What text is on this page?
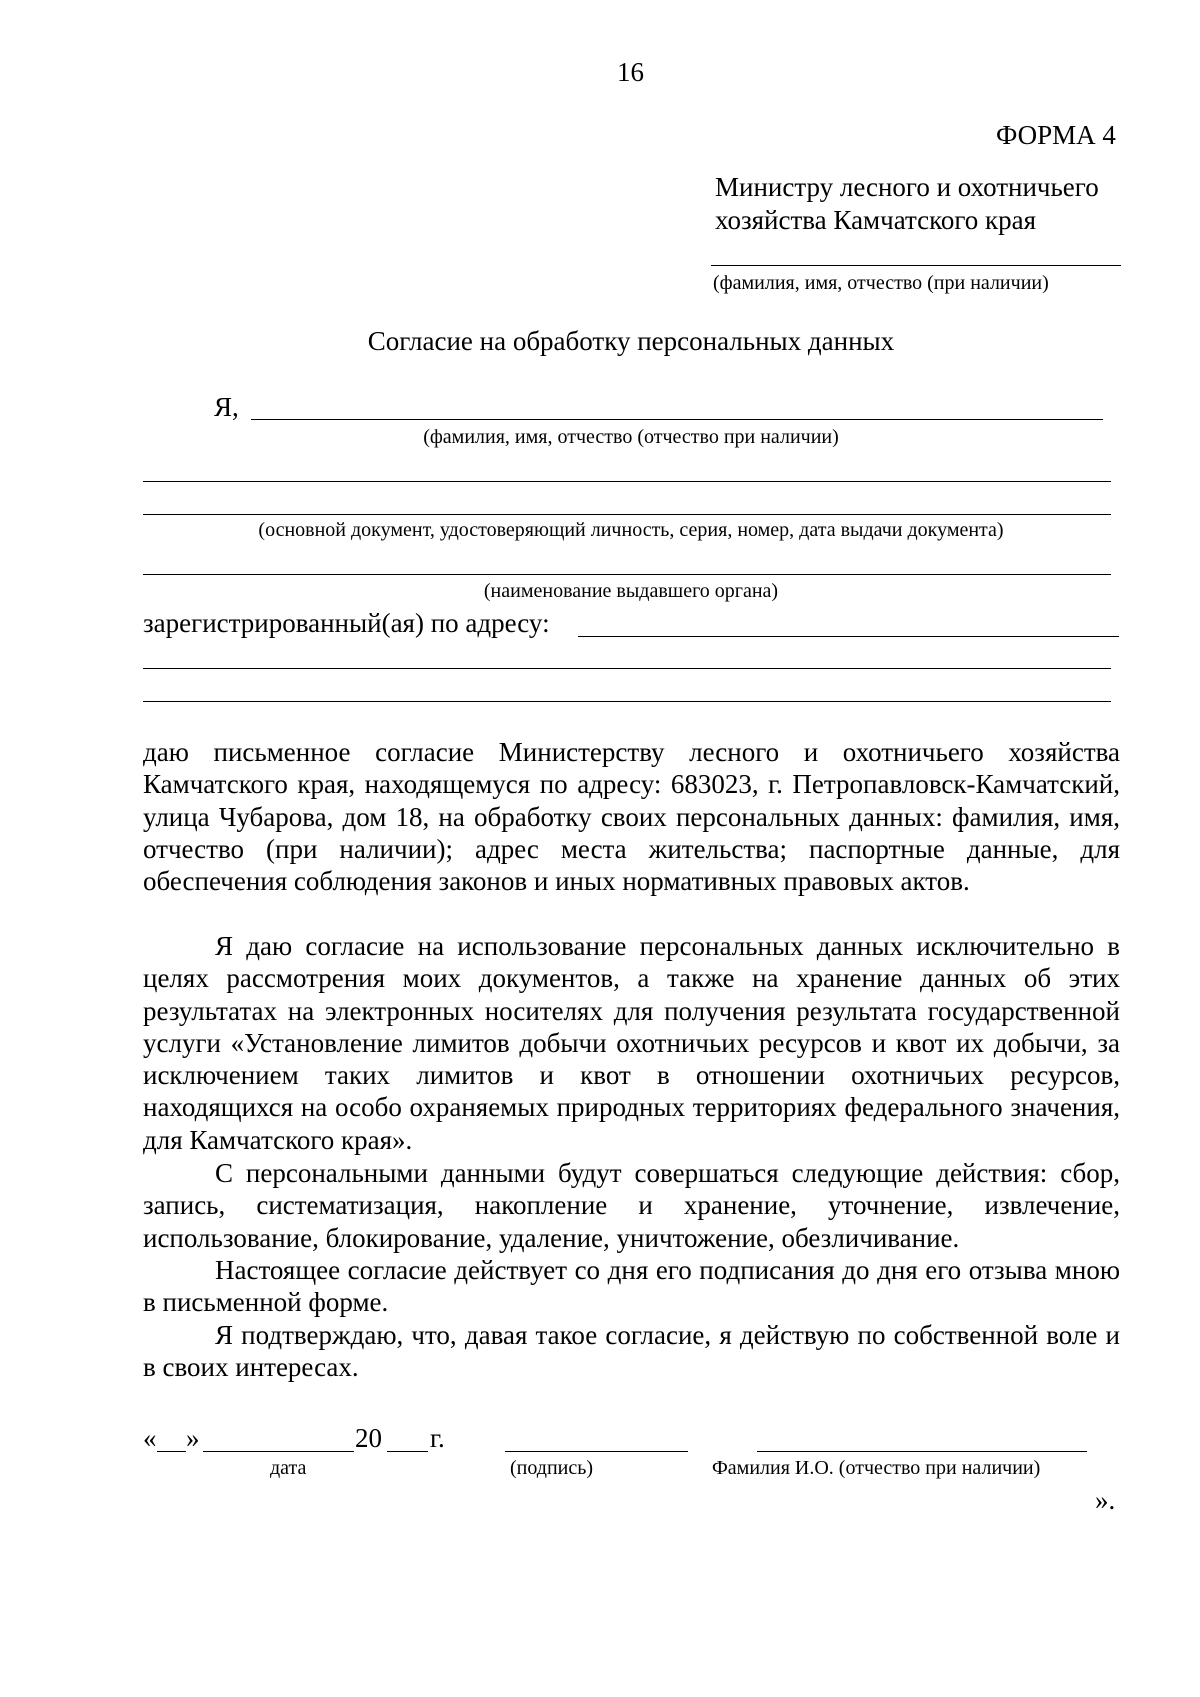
16
ФОРМА 4
Министру лесного и охотничьего
хозяйства Камчатского края
(фамилия, имя, отчество (при наличии)
Согласие на обработку персональных данных
Я,
(фамилия, имя, отчество (отчество при наличии)
(основной документ, удостоверяющий личность, серия, номер, дата выдачи документа)
(наименование выдавшего органа)
зарегистрированный(ая) по адресу:

даю письменное согласие Министерству лесного и охотничьего хозяйства Камчатского края, находящемуся по адресу: 683023, г. Петропавловск-Камчатский, улица Чубарова, дом 18, на обработку своих персональных данных: фамилия, имя, отчество (при наличии); адрес места жительства; паспортные данные, для обеспечения соблюдения законов и иных нормативных правовых актов.

Я даю согласие на использование персональных данных исключительно в целях рассмотрения моих документов, а также на хранение данных об этих результатах на электронных носителях для получения результата государственной услуги «Установление лимитов добычи охотничьих ресурсов и квот их добычи, за исключением таких лимитов и квот в отношении охотничьих ресурсов, находящихся на особо охраняемых природных территориях федерального значения, для Камчатского края».

С персональными данными будут совершаться следующие действия: сбор, запись, систематизация, накопление и хранение, уточнение, извлечение, использование, блокирование, удаление, уничтожение, обезличивание.

Настоящее согласие действует со дня его подписания до дня его отзыва мною в письменной форме.

Я подтверждаю, что, давая такое согласие, я действую по собственной воле и в своих интересах.

« »	20 г.
дата	(подпись)	Фамилия И.О. (отчество при наличии)
».
